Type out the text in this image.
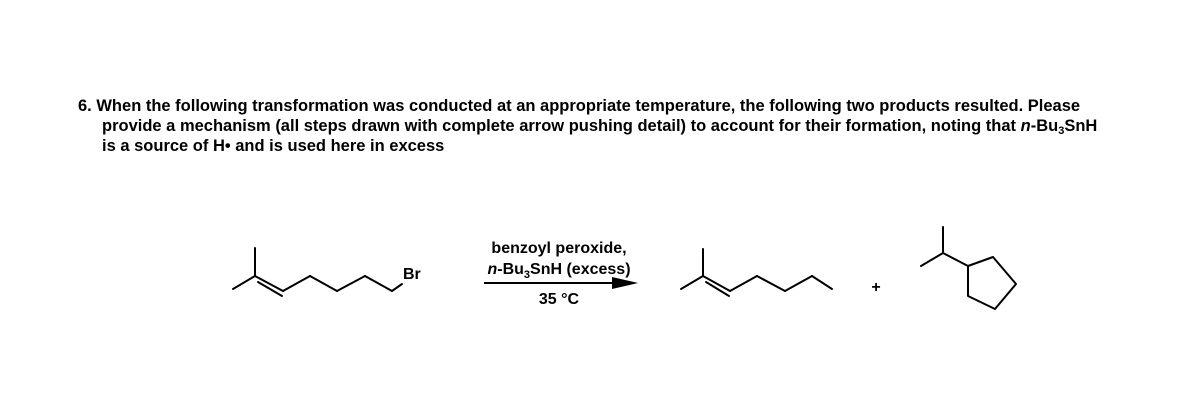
6. When the following transformation was conducted at an appropriate temperature, the following two products resulted. Please
provide a mechanism (all steps drawn with complete arrow pushing detail) to account for their formation, noting that $n-Bu_3SnH$
is a source of H• and is used here in excess
Br
benzoyl peroxide,
$n-Bu_3SnH$ (excess)
35 °C
+
